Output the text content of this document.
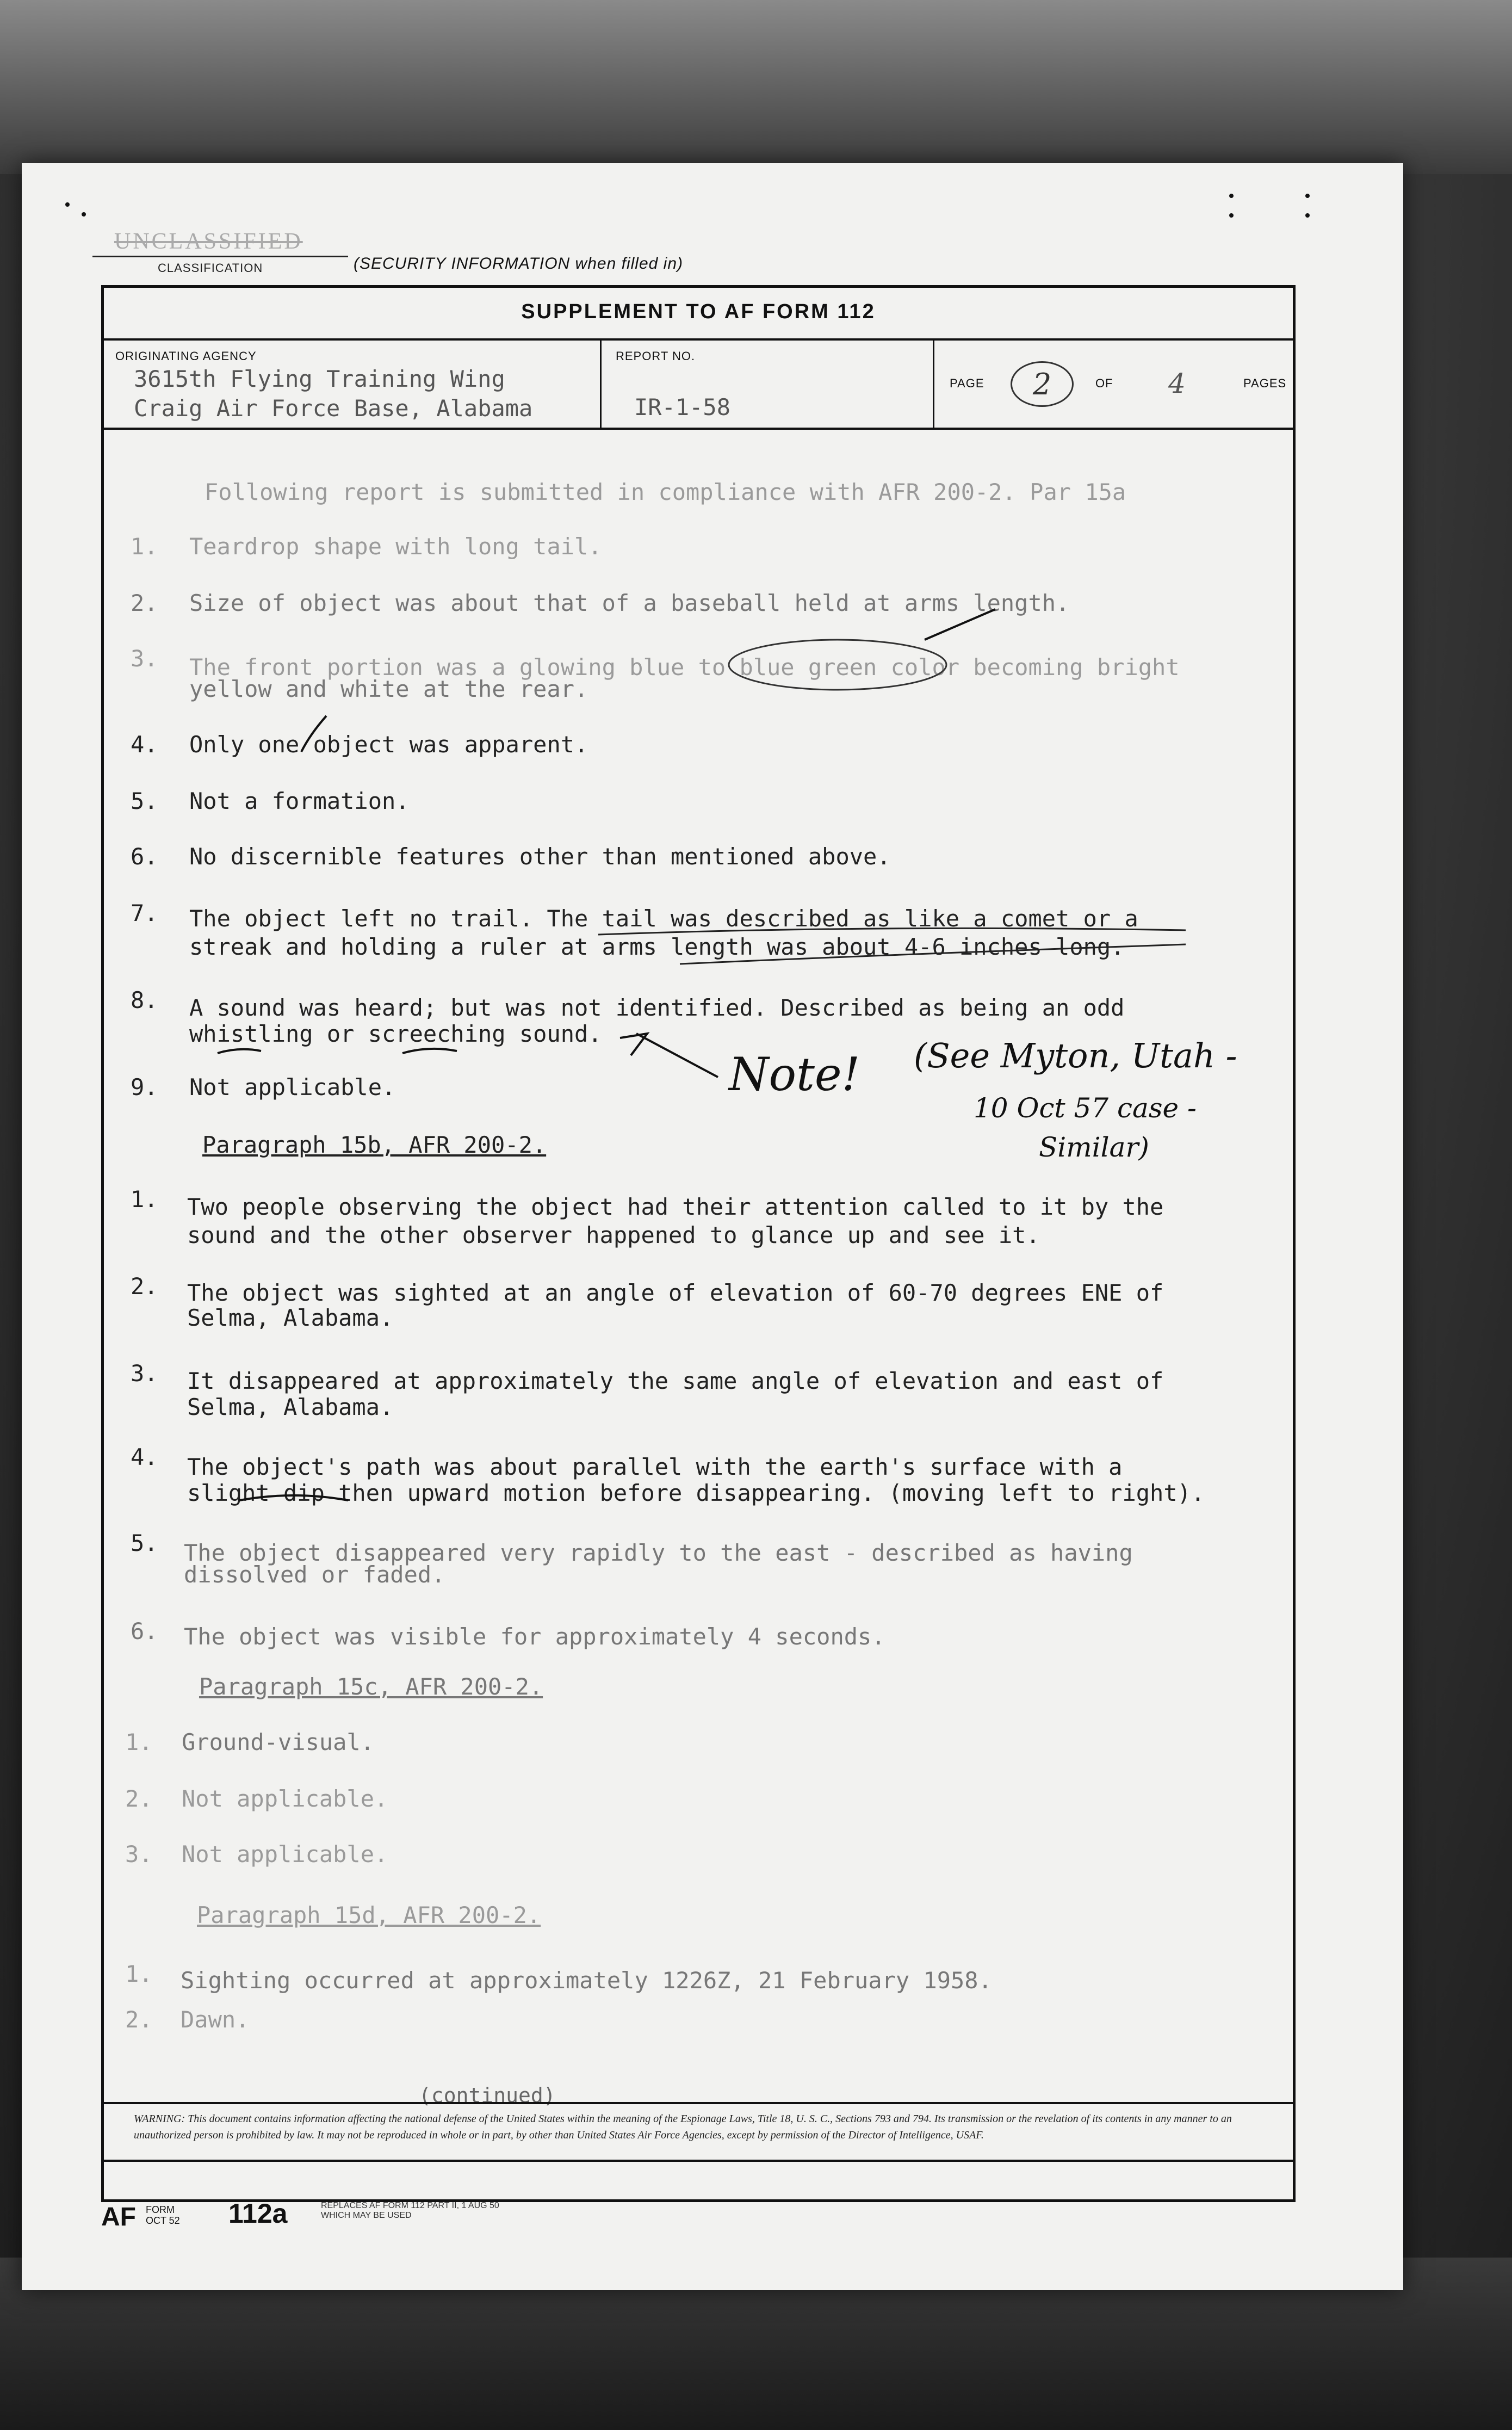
UNCLASSIFIED
CLASSIFICATION	(SECURITY INFORMATION when filled in)
SUPPLEMENT TO AF FORM 112
ORIGINATING AGENCY
3615th Flying Training Wing
Craig Air Force Base, Alabama
REPORT NO.
IR-1-58
PAGE	2	OF 4	PAGES
Following report is submitted in compliance with AFR 200-2. Par 15a
1. Teardrop shape with long tail.
2. Size of object was about that of a baseball held at arms length.
3. The front portion was a glowing blue to blue green color becoming bright
yellow and white at the rear.
4. Only one object was apparent.
5. Not a formation.
6. No discernible features other than mentioned above.
7. The object left no trail. The tail was described as like a comet or a
streak and holding a ruler at arms length was about 4-6 inches long.
8. A sound was heard; but was not identified. Described as being an odd
whistling or screeching sound.
9. Not applicable.
Paragraph 15b, AFR 200-2.
1. Two people observing the object had their attention called to it by the
sound and the other observer happened to glance up and see it.
2. The object was sighted at an angle of elevation of 60-70 degrees ENE of
Selma, Alabama.
3. It disappeared at approximately the same angle of elevation and east of
Selma, Alabama.
4. The object's path was about parallel with the earth's surface with a
slight dip then upward motion before disappearing. (moving left to right).
5. The object disappeared very rapidly to the east - described as having
dissolved or faded.
6. The object was visible for approximately 4 seconds.
Paragraph 15c, AFR 200-2.
1. Ground-visual.
2. Not applicable.
3. Not applicable.
Paragraph 15d, AFR 200-2.
1. Sighting occurred at approximately 1226Z, 21 February 1958.
2. Dawn.
Note! (See Myton, Utah -
10 Oct 57 case -
Similar)
(continued)
WARNING: This document contains information affecting the national defense of the United States within the meaning of the Espionage Laws, Title 18, U. S. C., Sections 793 and 794. Its transmission or the revelation of its contents in any manner to an unauthorized person is prohibited by law. It may not be reproduced in whole or in part, by other than United States Air Force Agencies, except by permission of the Director of Intelligence, USAF.
AF FORM
OCT 52 112a	REPLACES AF FORM 112 PART II, 1 AUG 50
WHICH MAY BE USED
